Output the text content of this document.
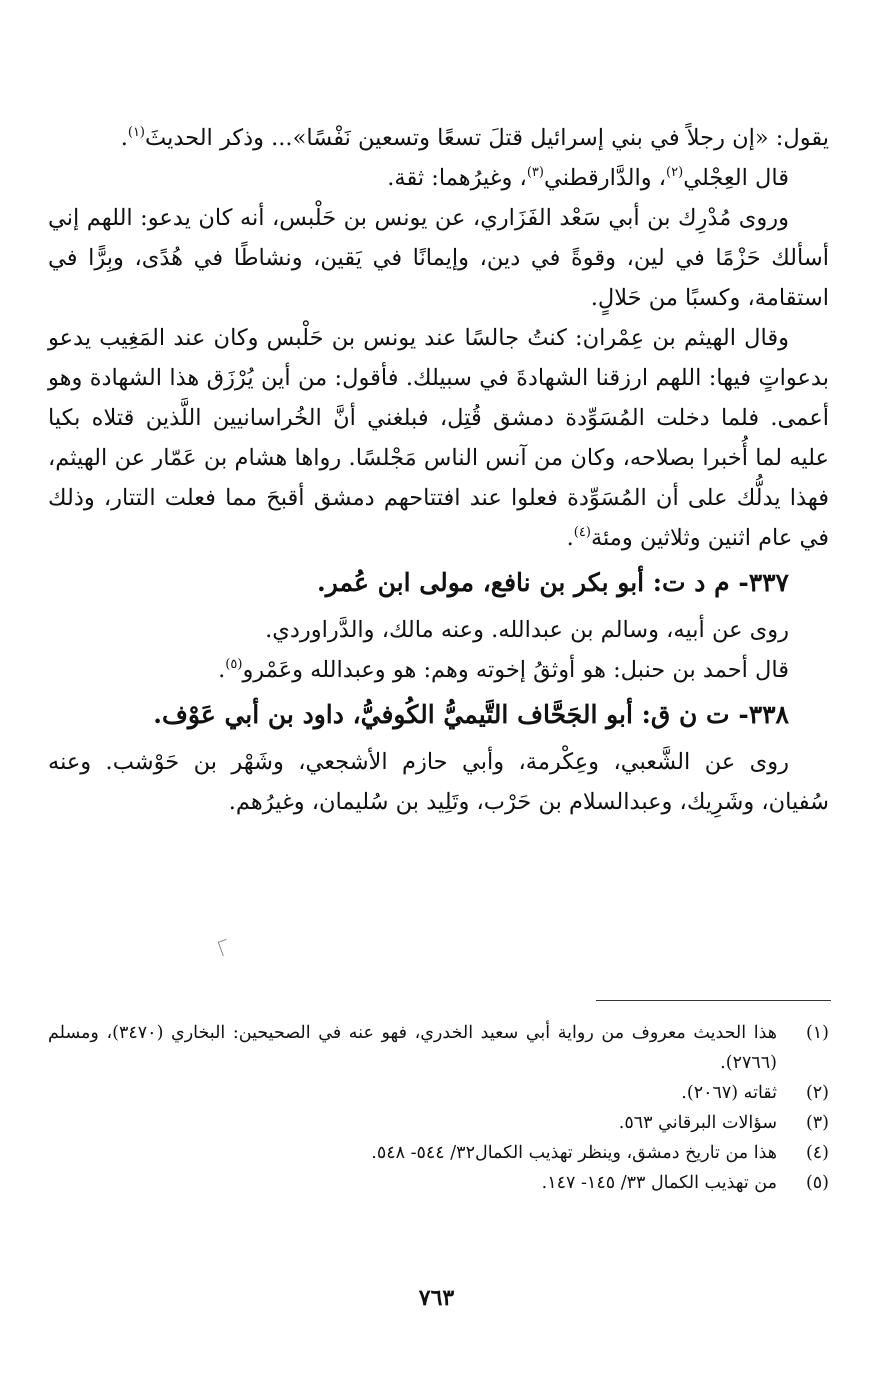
يقول: «إن رجلاً في بني إسرائيل قتلَ تسعًا وتسعين نَفْسًا»... وذكر الحديثَ$^{(١)}$.

قال العِجْلي$^{(٢)}$، والدَّارقطني$^{(٣)}$، وغيرُهما: ثقة.

وروى مُدْرِك بن أبي سَعْد الفَزَاري، عن يونس بن حَلْبس، أنه كان يدعو: اللهم إني أسألك حَزْمًا في لين، وقوةً في دين، وإيمانًا في يَقين، ونشاطًا في هُدًى، وبِرًّا في استقامة، وكسبًا من حَلالٍ.

وقال الهيثم بن عِمْران: كنتُ جالسًا عند يونس بن حَلْبس وكان عند المَغِيب يدعو بدعواتٍ فيها: اللهم ارزقنا الشهادةَ في سبيلك. فأقول: من أين يُرْزَق هذا الشهادة وهو أعمى. فلما دخلت المُسَوِّدة دمشق قُتِل، فبلغني أنَّ الخُراسانيين اللَّذين قتلاه بكيا عليه لما أُخبرا بصلاحه، وكان من آنس الناس مَجْلسًا. رواها هشام بن عَمّار عن الهيثم، فهذا يدلُّك على أن المُسَوِّدة فعلوا عند افتتاحهم دمشق أقبحَ مما فعلت التتار، وذلك في عام اثنين وثلاثين ومئة$^{(٤)}$.

٣٣٧- م د ت: أبو بكر بن نافع، مولى ابن عُمر.

روى عن أبيه، وسالم بن عبدالله. وعنه مالك، والدَّراوردي.

قال أحمد بن حنبل: هو أوثقُ إخوته وهم: هو وعبدالله وعَمْرو$^{(٥)}$.

٣٣٨- ت ن ق: أبو الجَحَّاف التَّيميُّ الكُوفيُّ، داود بن أبي عَوْف.

روى عن الشَّعبي، وعِكْرمة، وأبي حازم الأشجعي، وشَهْر بن حَوْشب. وعنه سُفيان، وشَرِيك، وعبدالسلام بن حَرْب، وتَلِيد بن سُليمان، وغيرُهم.

(١)
هذا الحديث معروف من رواية أبي سعيد الخدري، فهو عنه في الصحيحين: البخاري (٣٤٧٠)، ومسلم (٢٧٦٦).
(٢)
ثقاته (٢٠٦٧).
(٣)
سؤالات البرقاني ٥٦٣.
(٤)
هذا من تاريخ دمشق، وينظر تهذيب الكمال٣٢/ ٥٤٤- ٥٤٨.
(٥)
من تهذيب الكمال ٣٣/ ١٤٥- ١٤٧.
٧٦٣
